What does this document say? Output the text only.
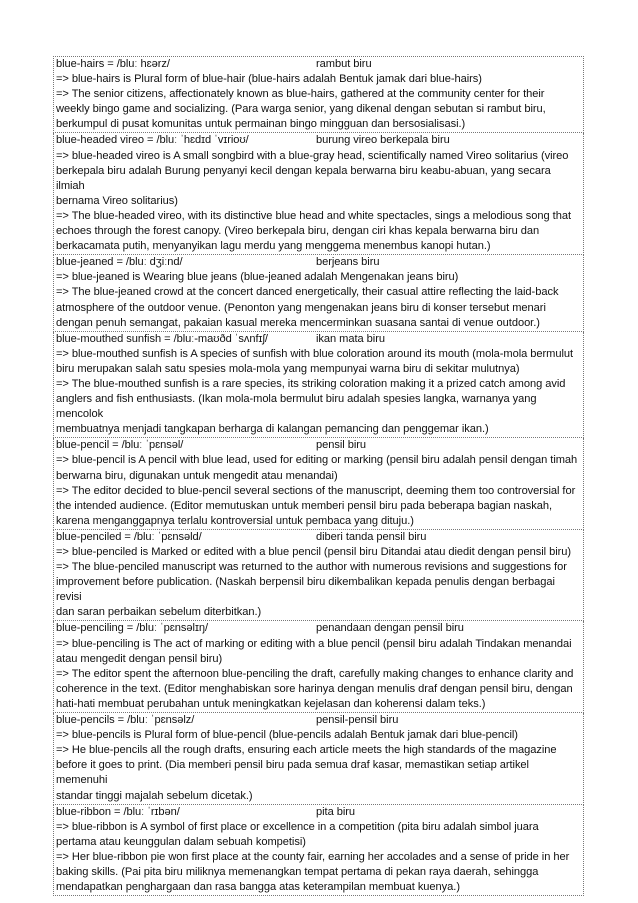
blue-hairs = /bluː hɛərz/	rambut biru
=> blue-hairs is Plural form of blue-hair (blue-hairs adalah Bentuk jamak dari blue-hairs)
=> The senior citizens, affectionately known as blue-hairs, gathered at the community center for their
weekly bingo game and socializing. (Para warga senior, yang dikenal dengan sebutan si rambut biru,
berkumpul di pusat komunitas untuk permainan bingo mingguan dan bersosialisasi.)
blue-headed vireo = /bluː ˈhɛdɪd ˈvɪrioʊ/	burung vireo berkepala biru
=> blue-headed vireo is A small songbird with a blue-gray head, scientifically named Vireo solitarius (vireo
berkepala biru adalah Burung penyanyi kecil dengan kepala berwarna biru keabu-abuan, yang secara ilmiah
bernama Vireo solitarius)
=> The blue-headed vireo, with its distinctive blue head and white spectacles, sings a melodious song that
echoes through the forest canopy. (Vireo berkepala biru, dengan ciri khas kepala berwarna biru dan
berkacamata putih, menyanyikan lagu merdu yang menggema menembus kanopi hutan.)
blue-jeaned = /bluː dʒiːnd/	berjeans biru
=> blue-jeaned is Wearing blue jeans (blue-jeaned adalah Mengenakan jeans biru)
=> The blue-jeaned crowd at the concert danced energetically, their casual attire reflecting the laid-back
atmosphere of the outdoor venue. (Penonton yang mengenakan jeans biru di konser tersebut menari
dengan penuh semangat, pakaian kasual mereka mencerminkan suasana santai di venue outdoor.)
blue-mouthed sunfish = /bluː-maʊðd ˈsʌnfɪʃ/	ikan mata biru
=> blue-mouthed sunfish is A species of sunfish with blue coloration around its mouth (mola-mola bermulut
biru merupakan salah satu spesies mola-mola yang mempunyai warna biru di sekitar mulutnya)
=> The blue-mouthed sunfish is a rare species, its striking coloration making it a prized catch among avid
anglers and fish enthusiasts. (Ikan mola-mola bermulut biru adalah spesies langka, warnanya yang mencolok
membuatnya menjadi tangkapan berharga di kalangan pemancing dan penggemar ikan.)
blue-pencil = /bluː ˈpɛnsəl/	pensil biru
=> blue-pencil is A pencil with blue lead, used for editing or marking (pensil biru adalah pensil dengan timah
berwarna biru, digunakan untuk mengedit atau menandai)
=> The editor decided to blue-pencil several sections of the manuscript, deeming them too controversial for
the intended audience. (Editor memutuskan untuk memberi pensil biru pada beberapa bagian naskah,
karena menganggapnya terlalu kontroversial untuk pembaca yang dituju.)
blue-penciled = /bluː ˈpɛnsəld/	diberi tanda pensil biru
=> blue-penciled is Marked or edited with a blue pencil (pensil biru Ditandai atau diedit dengan pensil biru)
=> The blue-penciled manuscript was returned to the author with numerous revisions and suggestions for
improvement before publication. (Naskah berpensil biru dikembalikan kepada penulis dengan berbagai revisi
dan saran perbaikan sebelum diterbitkan.)
blue-penciling = /bluː ˈpɛnsəlɪŋ/	penandaan dengan pensil biru
=> blue-penciling is The act of marking or editing with a blue pencil (pensil biru adalah Tindakan menandai
atau mengedit dengan pensil biru)
=> The editor spent the afternoon blue-penciling the draft, carefully making changes to enhance clarity and
coherence in the text. (Editor menghabiskan sore harinya dengan menulis draf dengan pensil biru, dengan
hati-hati membuat perubahan untuk meningkatkan kejelasan dan koherensi dalam teks.)
blue-pencils = /bluː ˈpɛnsəlz/	pensil-pensil biru
=> blue-pencils is Plural form of blue-pencil (blue-pencils adalah Bentuk jamak dari blue-pencil)
=> He blue-pencils all the rough drafts, ensuring each article meets the high standards of the magazine
before it goes to print. (Dia memberi pensil biru pada semua draf kasar, memastikan setiap artikel memenuhi
standar tinggi majalah sebelum dicetak.)
blue-ribbon = /bluː ˈrɪbən/	pita biru
=> blue-ribbon is A symbol of first place or excellence in a competition (pita biru adalah simbol juara
pertama atau keunggulan dalam sebuah kompetisi)
=> Her blue-ribbon pie won first place at the county fair, earning her accolades and a sense of pride in her
baking skills. (Pai pita biru miliknya memenangkan tempat pertama di pekan raya daerah, sehingga
mendapatkan penghargaan dan rasa bangga atas keterampilan membuat kuenya.)
